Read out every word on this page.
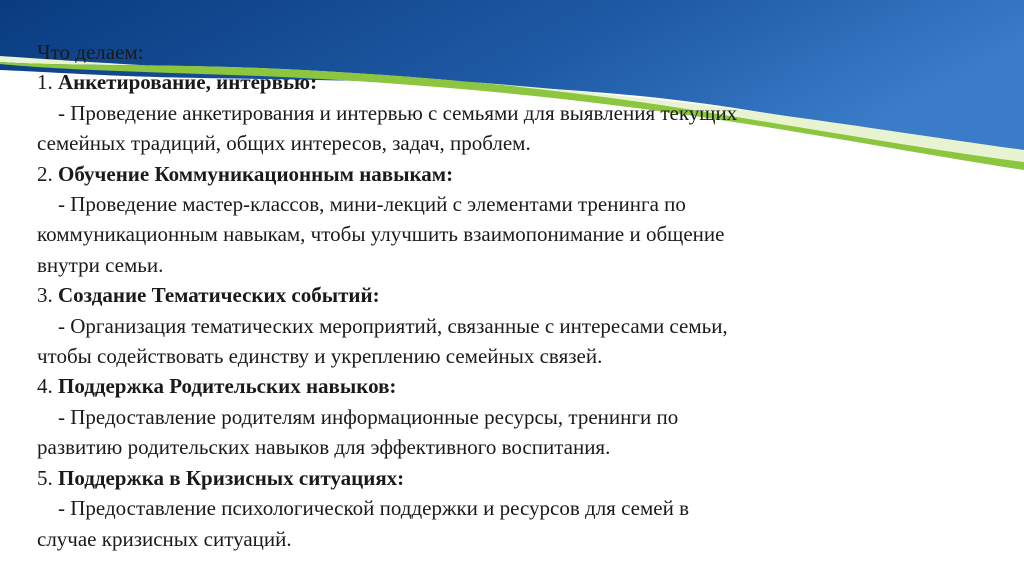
Что делаем:
1. Анкетирование, интервью:
- Проведение анкетирования и интервью с семьями для выявления текущих
семейных традиций, общих интересов, задач, проблем.
2. Обучение Коммуникационным навыкам:
- Проведение мастер-классов, мини-лекций с элементами тренинга по
коммуникационным навыкам, чтобы улучшить взаимопонимание и общение
внутри семьи.
3. Создание Тематических событий:
- Организация тематических мероприятий, связанные с интересами семьи,
чтобы содействовать единству и укреплению семейных связей.
4. Поддержка Родительских навыков:
- Предоставление родителям информационные ресурсы, тренинги по
развитию родительских навыков для эффективного воспитания.
5. Поддержка в Кризисных ситуациях:
- Предоставление психологической поддержки и ресурсов для семей в
случае кризисных ситуаций.
